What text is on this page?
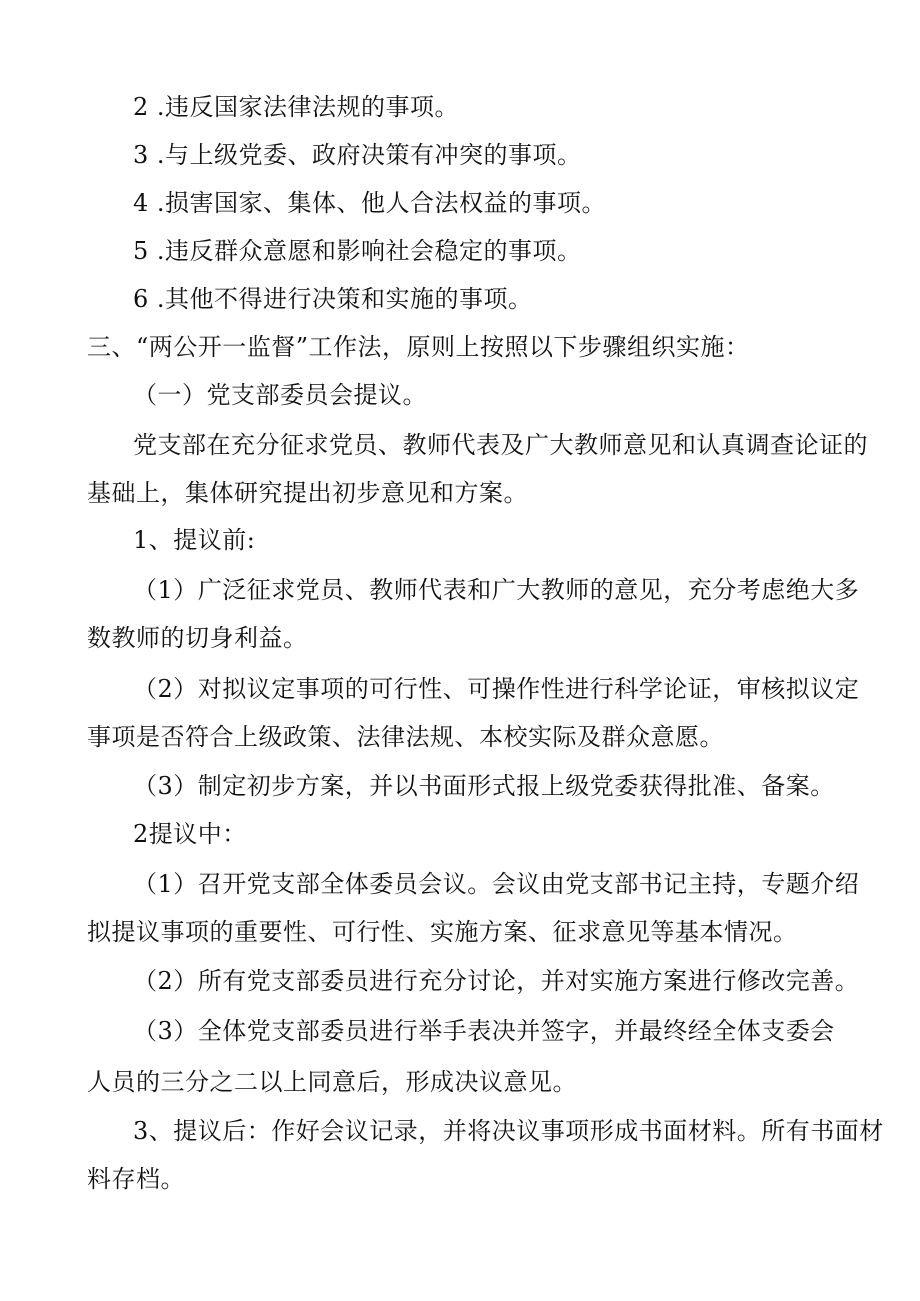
2 .违反国家法律法规的事项。

3 .与上级党委、政府决策有冲突的事项。

4 .损害国家、集体、他人合法权益的事项。

5 .违反群众意愿和影响社会稳定的事项。

6 .其他不得进行决策和实施的事项。

三、“两公开一监督”工作法，原则上按照以下步骤组织实施：

（一）党支部委员会提议。

党支部在充分征求党员、教师代表及广大教师意见和认真调查论证的

基础上，集体研究提出初步意见和方案。

1、提议前:

（1）广泛征求党员、教师代表和广大教师的意见，充分考虑绝大多

数教师的切身利益。

（2）对拟议定事项的可行性、可操作性进行科学论证，审核拟议定

事项是否符合上级政策、法律法规、本校实际及群众意愿。

（3）制定初步方案，并以书面形式报上级党委获得批准、备案。

2提议中：

（1）召开党支部全体委员会议。会议由党支部书记主持，专题介绍

拟提议事项的重要性、可行性、实施方案、征求意见等基本情况。

（2）所有党支部委员进行充分讨论，并对实施方案进行修改完善。

（3）全体党支部委员进行举手表决并签字，并最终经全体支委会

人员的三分之二以上同意后，形成决议意见。

3、提议后：作好会议记录，并将决议事项形成书面材料。所有书面材

料存档。
